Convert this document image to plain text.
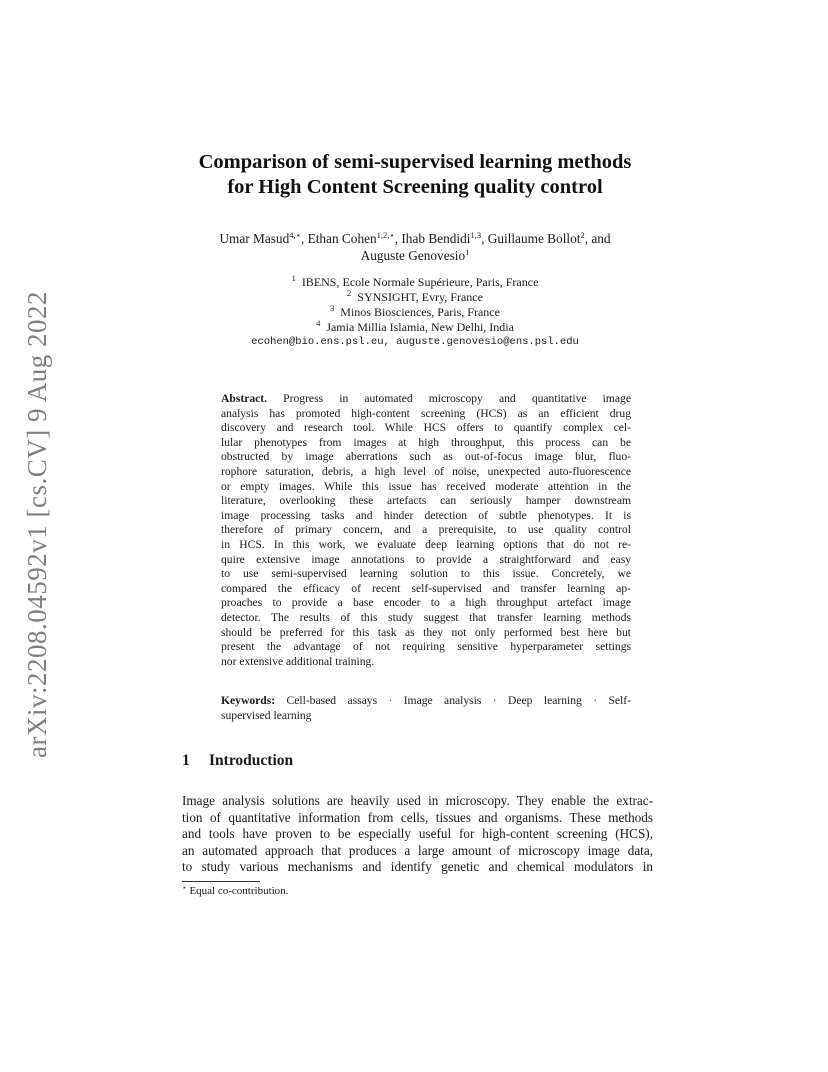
arXiv:2208.04592v1 [cs.CV] 9 Aug 2022
Comparison of semi-supervised learning methods
for High Content Screening quality control
Umar Masud$^{4,⋆}$, Ethan Cohen$^{1,2,⋆}$, Ihab Bendidi$^{1,3}$, Guillaume Bollot$^2$, and
Auguste Genovesio$^1$
$^1$ IBENS, Ecole Normale Supérieure, Paris, France
$^2$ SYNSIGHT, Evry, France
$^3$ Minos Biosciences, Paris, France
$^4$ Jamia Millia Islamia, New Delhi, India
ecohen@bio.ens.psl.eu, auguste.genovesio@ens.psl.edu
Abstract. Progress in automated microscopy and quantitative image
analysis has promoted high-content screening (HCS) as an efficient drug
discovery and research tool. While HCS offers to quantify complex cel-
lular phenotypes from images at high throughput, this process can be
obstructed by image aberrations such as out-of-focus image blur, fluo-
rophore saturation, debris, a high level of noise, unexpected auto-fluorescence
or empty images. While this issue has received moderate attention in the
literature, overlooking these artefacts can seriously hamper downstream
image processing tasks and hinder detection of subtle phenotypes. It is
therefore of primary concern, and a prerequisite, to use quality control
in HCS. In this work, we evaluate deep learning options that do not re-
quire extensive image annotations to provide a straightforward and easy
to use semi-supervised learning solution to this issue. Concretely, we
compared the efficacy of recent self-supervised and transfer learning ap-
proaches to provide a base encoder to a high throughput artefact image
detector. The results of this study suggest that transfer learning methods
should be preferred for this task as they not only performed best here but
present the advantage of not requiring sensitive hyperparameter settings
nor extensive additional training.
Keywords: Cell-based assays · Image analysis · Deep learning · Self-
supervised learning
1 Introduction
Image analysis solutions are heavily used in microscopy. They enable the extrac-
tion of quantitative information from cells, tissues and organisms. These methods
and tools have proven to be especially useful for high-content screening (HCS),
an automated approach that produces a large amount of microscopy image data,
to study various mechanisms and identify genetic and chemical modulators in
⋆ Equal co-contribution.
